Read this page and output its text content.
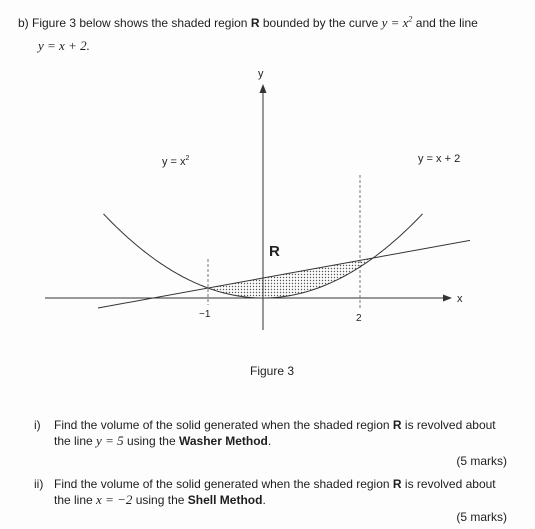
b) Figure 3 below shows the shaded region R bounded by the curve $y = x^2$ and the line
y = x + 2.
y
x
$y = x^2$	y = x + 2
R
−1	2
Figure 3
i) Find the volume of the solid generated when the shaded region R is revolved about
the line y = 5 using the Washer Method.
(5 marks)
ii) Find the volume of the solid generated when the shaded region R is revolved about
the line x = −2 using the Shell Method.
(5 marks)
